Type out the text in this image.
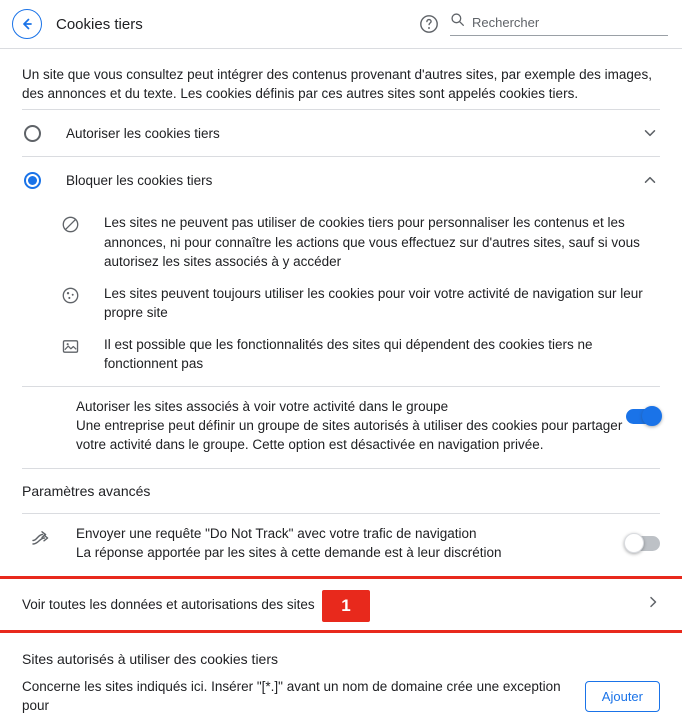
Cookies tiers
Rechercher
Un site que vous consultez peut intégrer des contenus provenant d'autres sites, par exemple des images, des annonces et du texte. Les cookies définis par ces autres sites sont appelés cookies tiers.
Autoriser les cookies tiers
Bloquer les cookies tiers
Les sites ne peuvent pas utiliser de cookies tiers pour personnaliser les contenus et les annonces, ni pour connaître les actions que vous effectuez sur d'autres sites, sauf si vous autorisez les sites associés à y accéder
Les sites peuvent toujours utiliser les cookies pour voir votre activité de navigation sur leur propre site
Il est possible que les fonctionnalités des sites qui dépendent des cookies tiers ne fonctionnent pas
Autoriser les sites associés à voir votre activité dans le groupe
Une entreprise peut définir un groupe de sites autorisés à utiliser des cookies pour partager votre activité dans le groupe. Cette option est désactivée en navigation privée.
Paramètres avancés
Envoyer une requête "Do Not Track" avec votre trafic de navigation
La réponse apportée par les sites à cette demande est à leur discrétion
Voir toutes les données et autorisations des sites	1
Sites autorisés à utiliser des cookies tiers
Concerne les sites indiqués ici. Insérer "[*.]" avant un nom de domaine crée une exception pour
Ajouter
